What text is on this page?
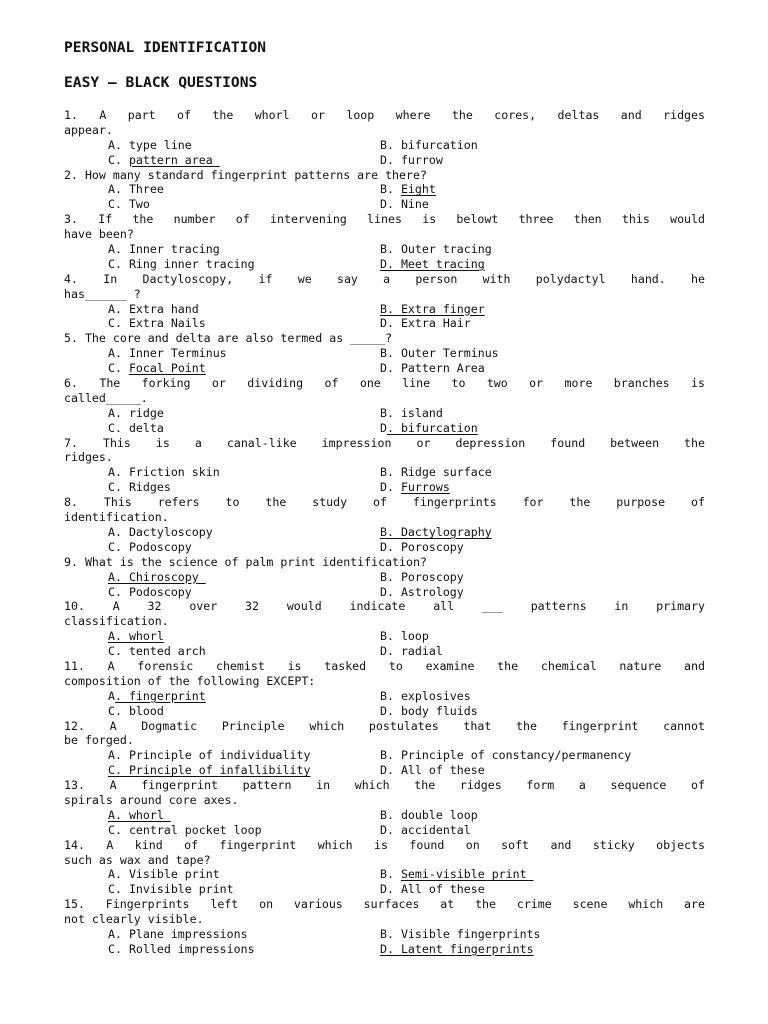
PERSONAL IDENTIFICATION
EASY – BLACK QUESTIONS
1. A part of the whorl or loop where the cores, deltas and ridges
appear.
A. type line	B. bifurcation
C. pattern area	D. furrow
2. How many standard fingerprint patterns are there?
A. Three	B. Eight
C. Two	D. Nine
3. If the number of intervening lines is belowt three then this would
have been?
A. Inner tracing	B. Outer tracing
C. Ring inner tracing	D. Meet tracing
4. In Dactyloscopy, if we say a person with polydactyl hand. he
has______ ?
A. Extra hand	B. Extra finger
C. Extra Nails	D. Extra Hair
5. The core and delta are also termed as _____?
A. Inner Terminus	B. Outer Terminus
C. Focal Point	D. Pattern Area
6. The forking or dividing of one line to two or more branches is
called_____.
A. ridge	B. island
C. delta	D. bifurcation
7. This is a canal-like impression or depression found between the
ridges.
A. Friction skin	B. Ridge surface
C. Ridges	D. Furrows
8. This refers to the study of fingerprints for the purpose of
identification.
A. Dactyloscopy	B. Dactylography
C. Podoscopy	D. Poroscopy
9. What is the science of palm print identification?
A. Chiroscopy	B. Poroscopy
C. Podoscopy	D. Astrology
10. A 32 over 32 would indicate all ___ patterns in primary
classification.
A. whorl	B. loop
C. tented arch	D. radial
11. A forensic chemist is tasked to examine the chemical nature and
composition of the following EXCEPT:
A. fingerprint	B. explosives
C. blood	D. body fluids
12. A Dogmatic Principle which postulates that the fingerprint cannot
be forged.
A. Principle of individuality	B. Principle of constancy/permanency
C. Principle of infallibility	D. All of these
13. A fingerprint pattern in which the ridges form a sequence of
spirals around core axes.
A. whorl	B. double loop
C. central pocket loop	D. accidental
14. A kind of fingerprint which is found on soft and sticky objects
such as wax and tape?
A. Visible print	B. Semi-visible print
C. Invisible print	D. All of these
15. Fingerprints left on various surfaces at the crime scene which are
not clearly visible.
A. Plane impressions	B. Visible fingerprints
C. Rolled impressions	D. Latent fingerprints
